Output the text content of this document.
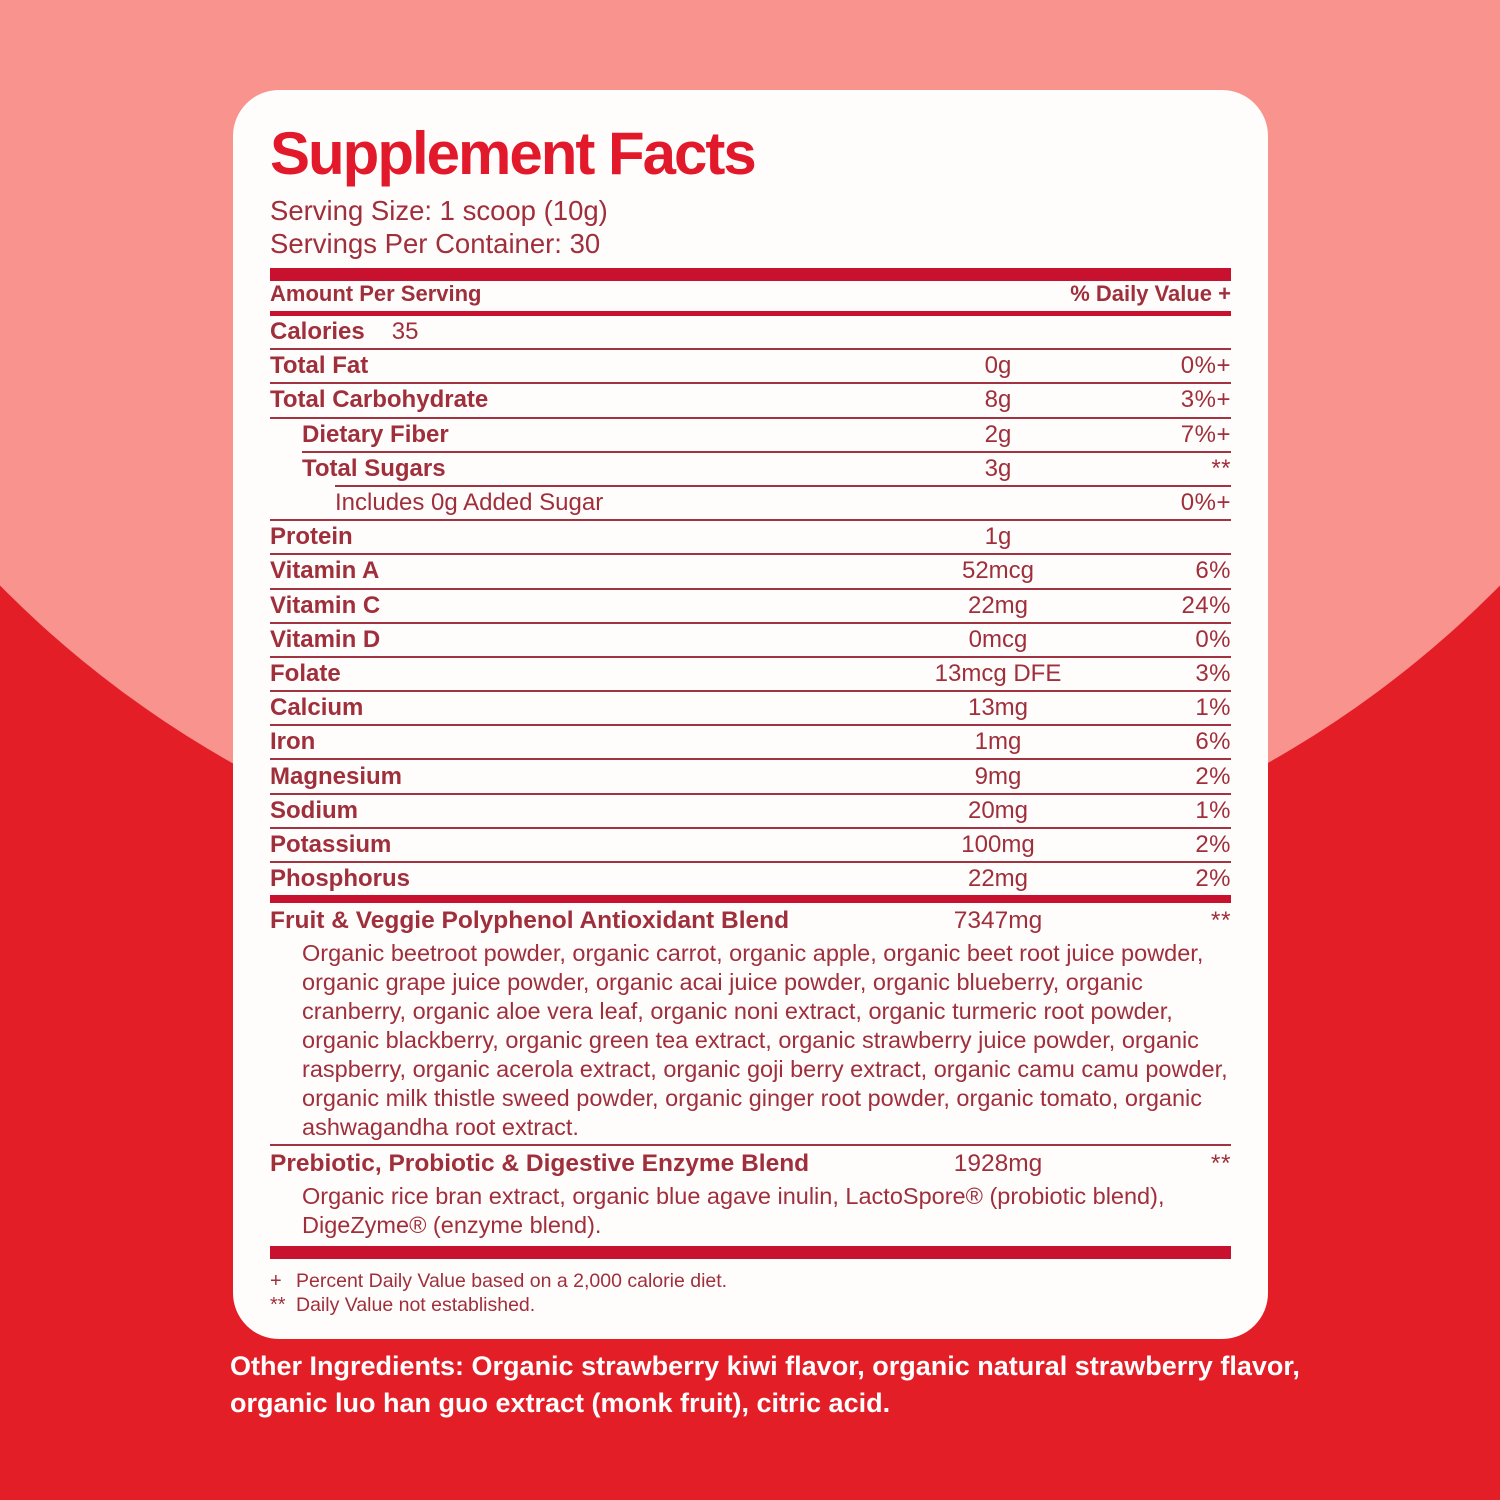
Supplement Facts

Serving Size: 1 scoop (10g)

Servings Per Container: 30

Amount Per Serving	% Daily Value +
Calories 35
Total Fat	0g	0%+
Total Carbohydrate	8g	3%+
Dietary Fiber	2g	7%+
Total Sugars	3g	**
Includes 0g Added Sugar	0%+
Protein	1g
Vitamin A	52mcg	6%
Vitamin C	22mg	24%
Vitamin D	0mcg	0%
Folate	13mcg DFE	3%
Calcium	13mg	1%
Iron	1mg	6%
Magnesium	9mg	2%
Sodium	20mg	1%
Potassium	100mg	2%
Phosphorus	22mg	2%
Fruit & Veggie Polyphenol Antioxidant Blend	7347mg	**

Organic beetroot powder, organic carrot, organic apple, organic beet root juice powder, organic grape juice powder, organic acai juice powder, organic blueberry, organic cranberry, organic aloe vera leaf, organic noni extract, organic turmeric root powder, organic blackberry, organic green tea extract, organic strawberry juice powder, organic raspberry, organic acerola extract, organic goji berry extract, organic camu camu powder, organic milk thistle sweed powder, organic ginger root powder, organic tomato, organic ashwagandha root extract.

Prebiotic, Probiotic & Digestive Enzyme Blend	1928mg	**

Organic rice bran extract, organic blue agave inulin, LactoSpore® (probiotic blend), DigeZyme® (enzyme blend).

+ Percent Daily Value based on a 2,000 calorie diet.
** Daily Value not established.

Other Ingredients: Organic strawberry kiwi flavor, organic natural strawberry flavor, organic luo han guo extract (monk fruit), citric acid.
